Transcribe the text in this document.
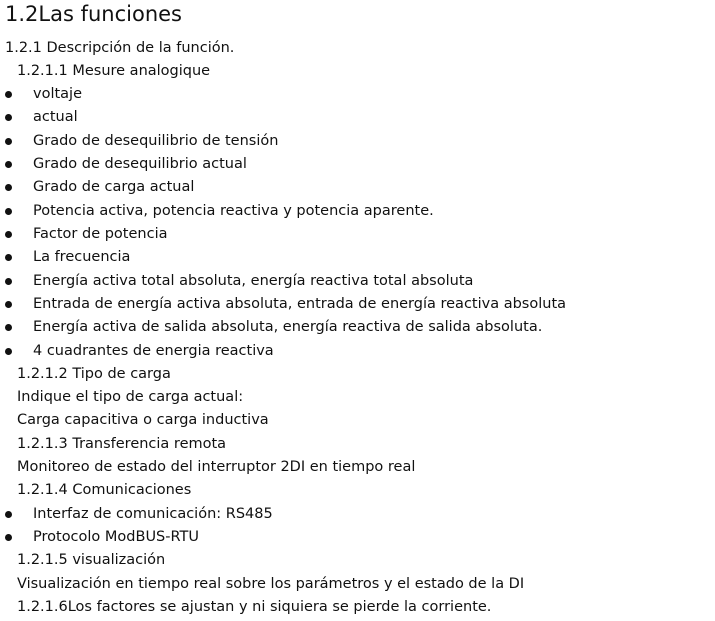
1.2Las funciones
1.2.1 Descripción de la función.
1.2.1.1 Mesure analogique
voltaje
actual
Grado de desequilibrio de tensión
Grado de desequilibrio actual
Grado de carga actual
Potencia activa, potencia reactiva y potencia aparente.
Factor de potencia
La frecuencia
Energía activa total absoluta, energía reactiva total absoluta
Entrada de energía activa absoluta, entrada de energía reactiva absoluta
Energía activa de salida absoluta, energía reactiva de salida absoluta.
4 cuadrantes de energia reactiva
1.2.1.2 Tipo de carga
Indique el tipo de carga actual:
Carga capacitiva o carga inductiva
1.2.1.3 Transferencia remota
Monitoreo de estado del interruptor 2DI en tiempo real
1.2.1.4 Comunicaciones
Interfaz de comunicación: RS485
Protocolo ModBUS-RTU
1.2.1.5 visualización
Visualización en tiempo real sobre los parámetros y el estado de la DI
1.2.1.6Los factores se ajustan y ni siquiera se pierde la corriente.
